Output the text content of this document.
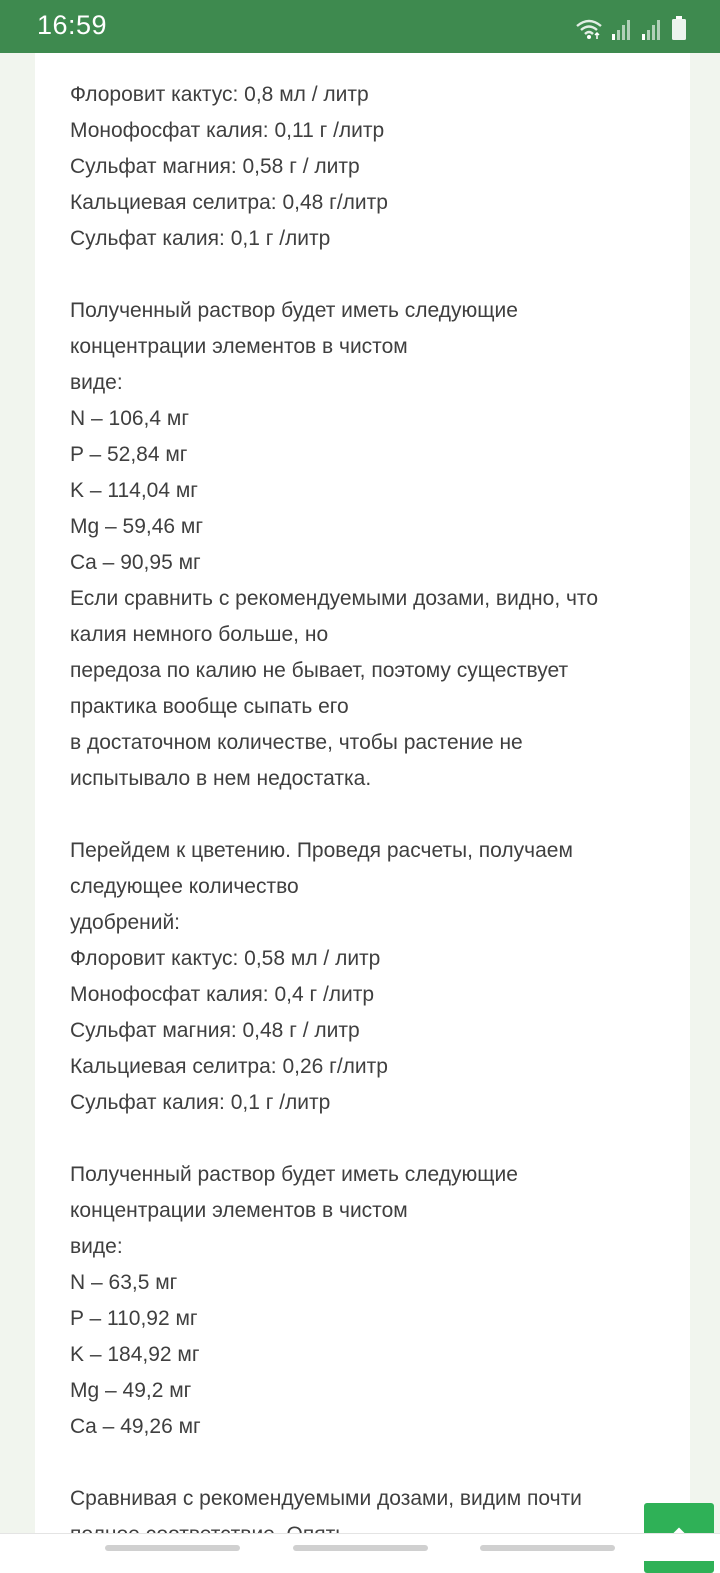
16:59
Флоровит кактус: 0,8 мл / литр
Монофосфат калия: 0,11 г /литр
Сульфат магния: 0,58 г / литр
Кальциевая селитра: 0,48 г/литр
Сульфат калия: 0,1 г /литр
Полученный раствор будет иметь следующие
концентрации элементов в чистом
виде:
N – 106,4 мг
P – 52,84 мг
K – 114,04 мг
Mg – 59,46 мг
Ca – 90,95 мг
Если сравнить с рекомендуемыми дозами, видно, что
калия немного больше, но
передоза по калию не бывает, поэтому существует
практика вообще сыпать его
в достаточном количестве, чтобы растение не
испытывало в нем недостатка.
Перейдем к цветению. Проведя расчеты, получаем
следующее количество
удобрений:
Флоровит кактус: 0,58 мл / литр
Монофосфат калия: 0,4 г /литр
Сульфат магния: 0,48 г / литр
Кальциевая селитра: 0,26 г/литр
Сульфат калия: 0,1 г /литр
Полученный раствор будет иметь следующие
концентрации элементов в чистом
виде:
N – 63,5 мг
P – 110,92 мг
K – 184,92 мг
Mg – 49,2 мг
Ca – 49,26 мг
Сравнивая с рекомендуемыми дозами, видим почти
